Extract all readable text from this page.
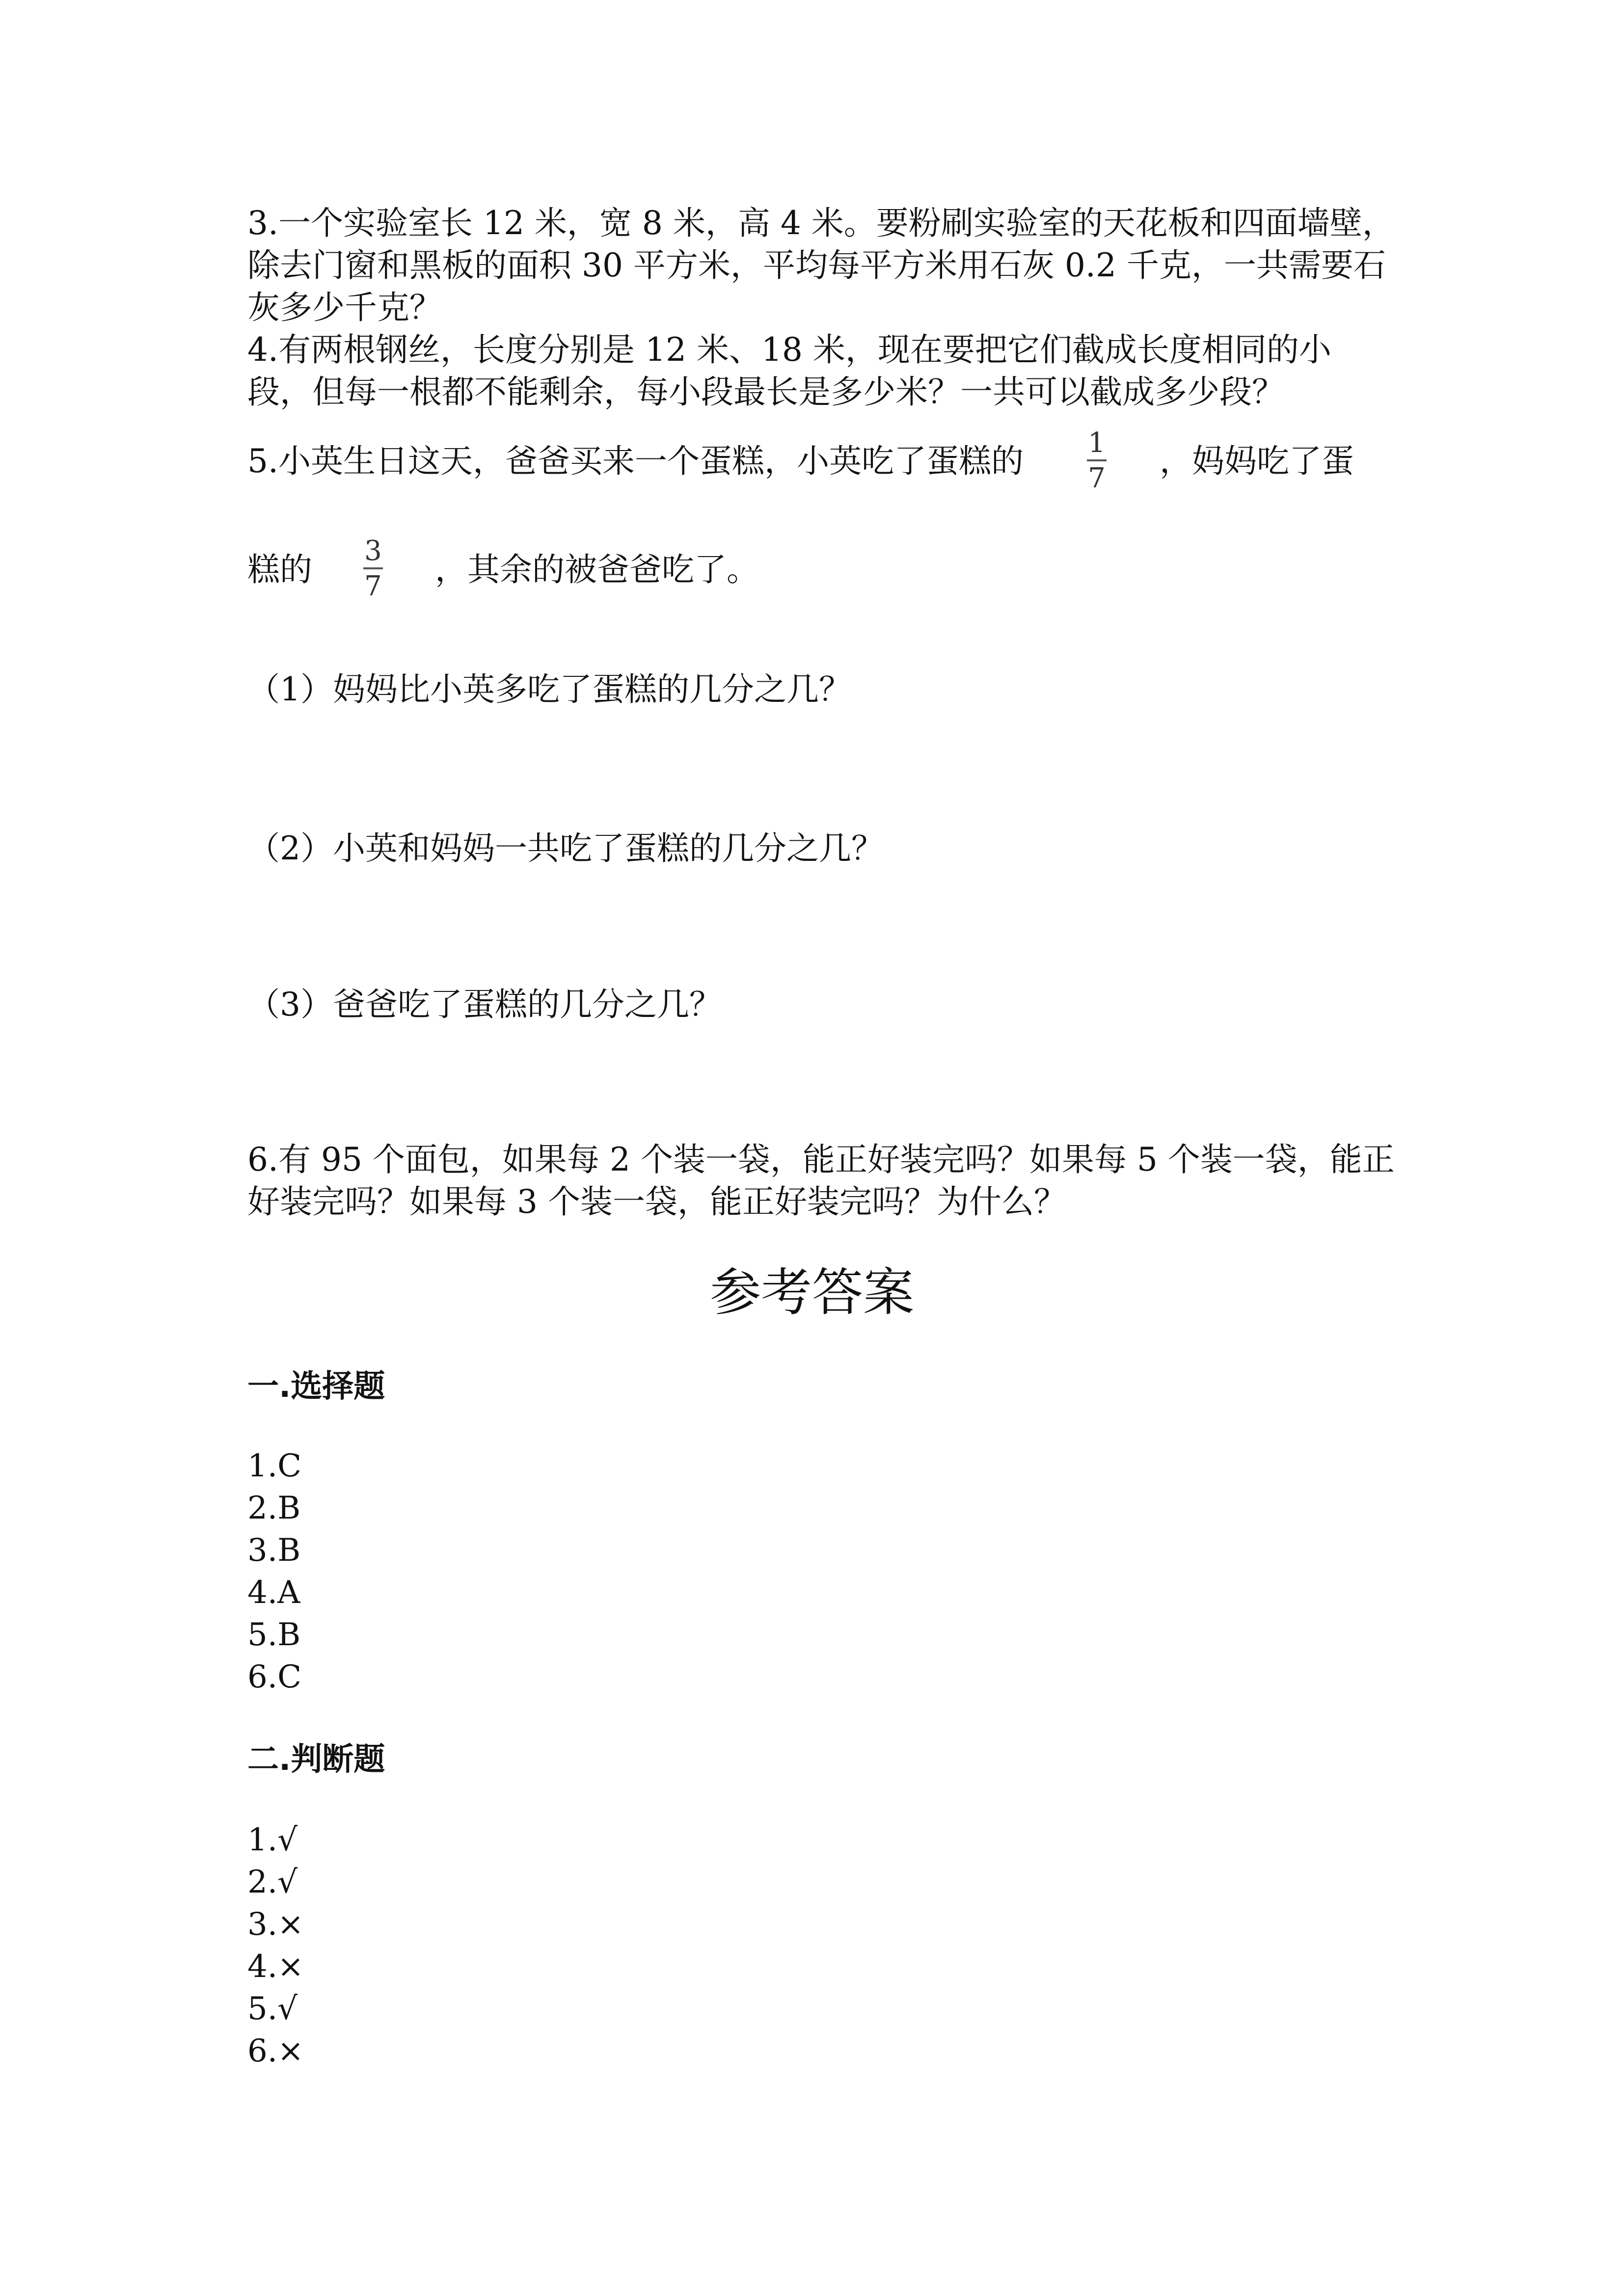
3.一个实验室长 12 米，宽 8 米，高 4 米。要粉刷实验室的天花板和四面墙壁，

除去门窗和黑板的面积 30 平方米，平均每平方米用石灰 0.2 千克，一共需要石

灰多少千克？

4.有两根钢丝，长度分别是 12 米、18 米，现在要把它们截成长度相同的小

段，但每一根都不能剩余，每小段最长是多少米？一共可以截成多少段？

5.小英生日这天，爸爸买来一个蛋糕，小英吃了蛋糕的 1
7 ，妈妈吃了蛋

糕的 3
7 ，其余的被爸爸吃了。

（1）妈妈比小英多吃了蛋糕的几分之几？

（2）小英和妈妈一共吃了蛋糕的几分之几？

（3）爸爸吃了蛋糕的几分之几？

6.有 95 个面包，如果每 2 个装一袋，能正好装完吗？如果每 5 个装一袋，能正

好装完吗？如果每 3 个装一袋，能正好装完吗？为什么？

参考答案
一.选择题

1.C

2.B

3.B

4.A

5.B

6.C

二.判断题

1.√

2.√

3.×

4.×

5.√

6.×
